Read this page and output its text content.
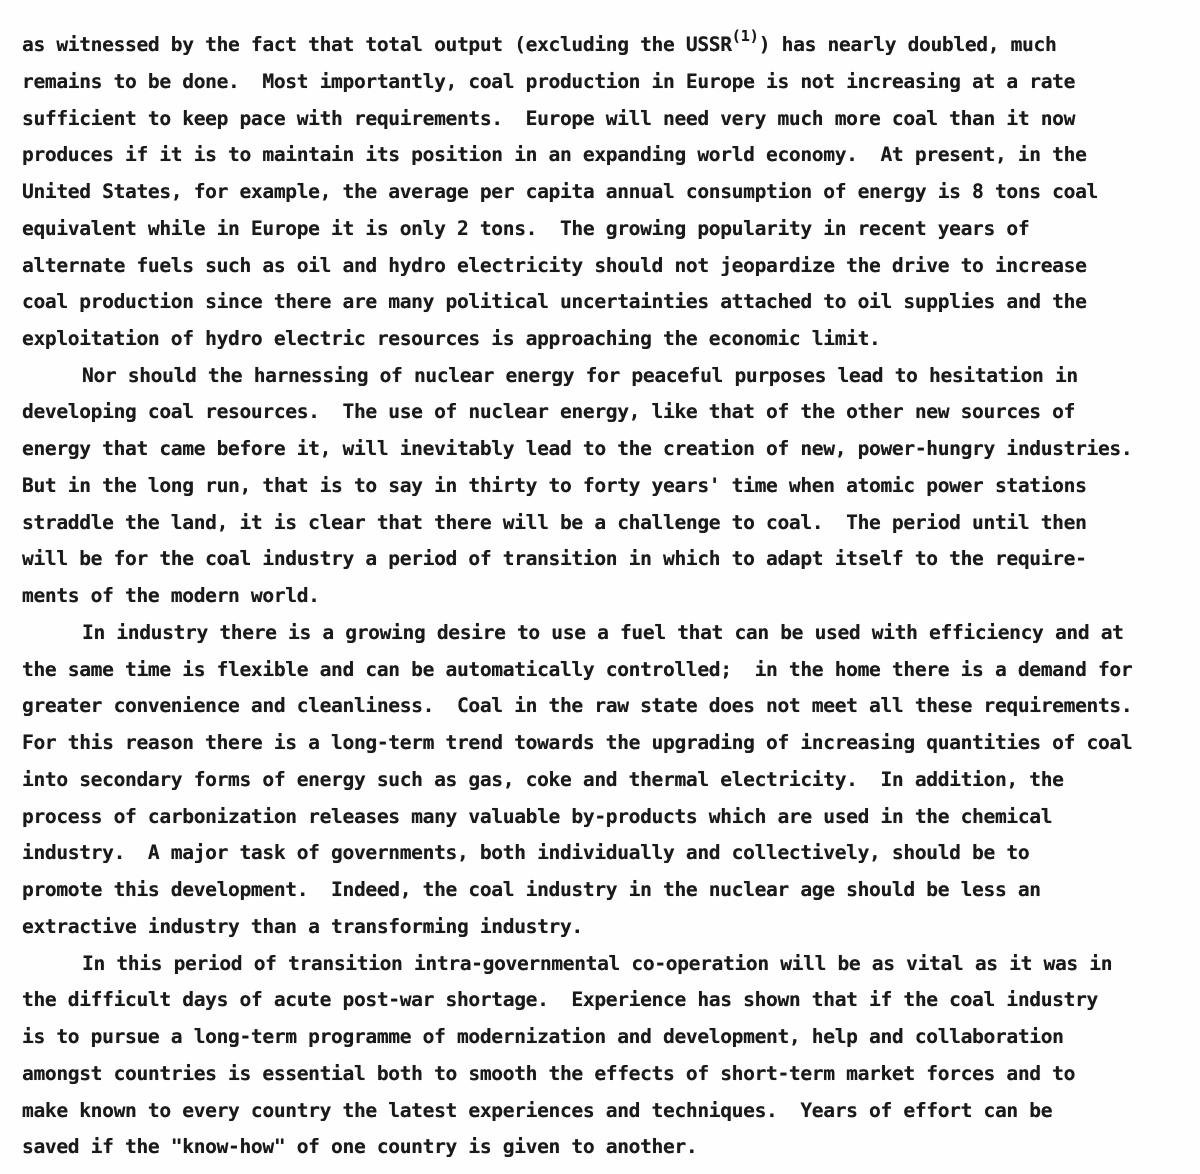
as witnessed by the fact that total output (excluding the USSR$^{(1)}$) has nearly doubled, much
remains to be done.  Most importantly, coal production in Europe is not increasing at a rate
sufficient to keep pace with requirements.  Europe will need very much more coal than it now
produces if it is to maintain its position in an expanding world economy.  At present, in the
United States, for example, the average per capita annual consumption of energy is 8 tons coal
equivalent while in Europe it is only 2 tons.  The growing popularity in recent years of
alternate fuels such as oil and hydro electricity should not jeopardize the drive to increase
coal production since there are many political uncertainties attached to oil supplies and the
exploitation of hydro electric resources is approaching the economic limit.
Nor should the harnessing of nuclear energy for peaceful purposes lead to hesitation in
developing coal resources.  The use of nuclear energy, like that of the other new sources of
energy that came before it, will inevitably lead to the creation of new, power-hungry industries.
But in the long run, that is to say in thirty to forty years' time when atomic power stations
straddle the land, it is clear that there will be a challenge to coal.  The period until then
will be for the coal industry a period of transition in which to adapt itself to the require-
ments of the modern world.
In industry there is a growing desire to use a fuel that can be used with efficiency and at
the same time is flexible and can be automatically controlled;  in the home there is a demand for
greater convenience and cleanliness.  Coal in the raw state does not meet all these requirements.
For this reason there is a long-term trend towards the upgrading of increasing quantities of coal
into secondary forms of energy such as gas, coke and thermal electricity.  In addition, the
process of carbonization releases many valuable by-products which are used in the chemical
industry.  A major task of governments, both individually and collectively, should be to
promote this development.  Indeed, the coal industry in the nuclear age should be less an
extractive industry than a transforming industry.
In this period of transition intra-governmental co-operation will be as vital as it was in
the difficult days of acute post-war shortage.  Experience has shown that if the coal industry
is to pursue a long-term programme of modernization and development, help and collaboration
amongst countries is essential both to smooth the effects of short-term market forces and to
make known to every country the latest experiences and techniques.  Years of effort can be
saved if the "know-how" of one country is given to another.
